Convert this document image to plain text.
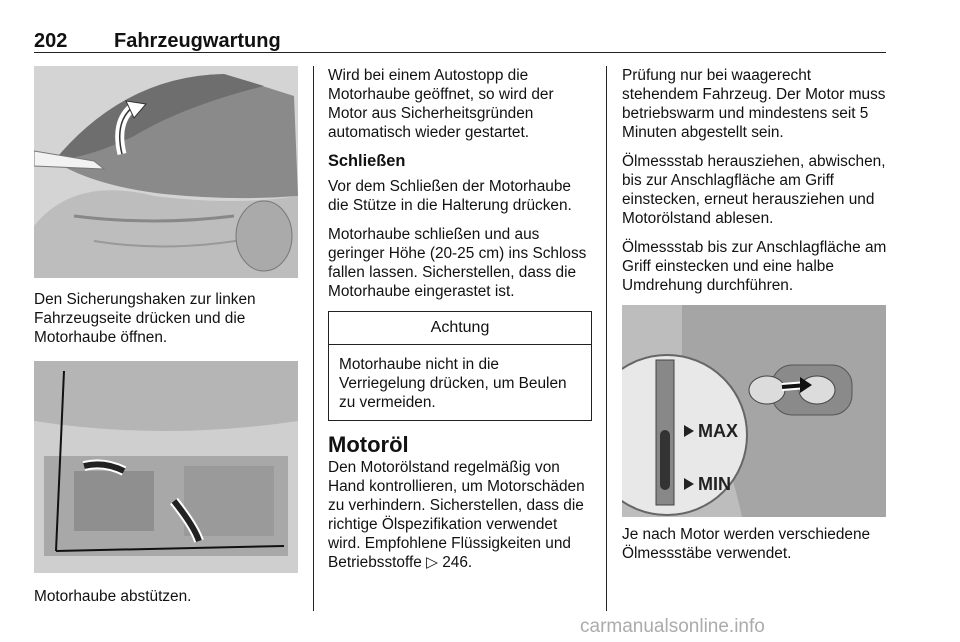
202 Fahrzeugwartung

Den Sicherungshaken zur linken Fahrzeugseite drücken und die Motorhaube öffnen.

Motorhaube abstützen.

Wird bei einem Autostopp die Motorhaube geöffnet, so wird der Motor aus Sicherheitsgründen automatisch wieder gestartet.

Schließen

Vor dem Schließen der Motorhaube die Stütze in die Halterung drücken.

Motorhaube schließen und aus geringer Höhe (20-25 cm) ins Schloss fallen lassen. Sicherstellen, dass die Motorhaube eingerastet ist.

Achtung
Motorhaube nicht in die Verriegelung drücken, um Beulen zu vermeiden.
Motoröl

Den Motorölstand regelmäßig von Hand kontrollieren, um Motorschäden zu verhindern. Sicherstellen, dass die richtige Ölspezifikation verwendet wird. Empfohlene Flüssigkeiten und Betriebsstoffe ▷ 246.

Prüfung nur bei waagerecht stehendem Fahrzeug. Der Motor muss betriebswarm und mindestens seit 5 Minuten abgestellt sein.

Ölmessstab herausziehen, abwischen, bis zur Anschlagfläche am Griff einstecken, erneut herausziehen und Motorölstand ablesen.

Ölmessstab bis zur Anschlagfläche am Griff einstecken und eine halbe Umdrehung durchführen.

MAX
MIN

Je nach Motor werden verschiedene Ölmessstäbe verwendet.

carmanualsonline.info
